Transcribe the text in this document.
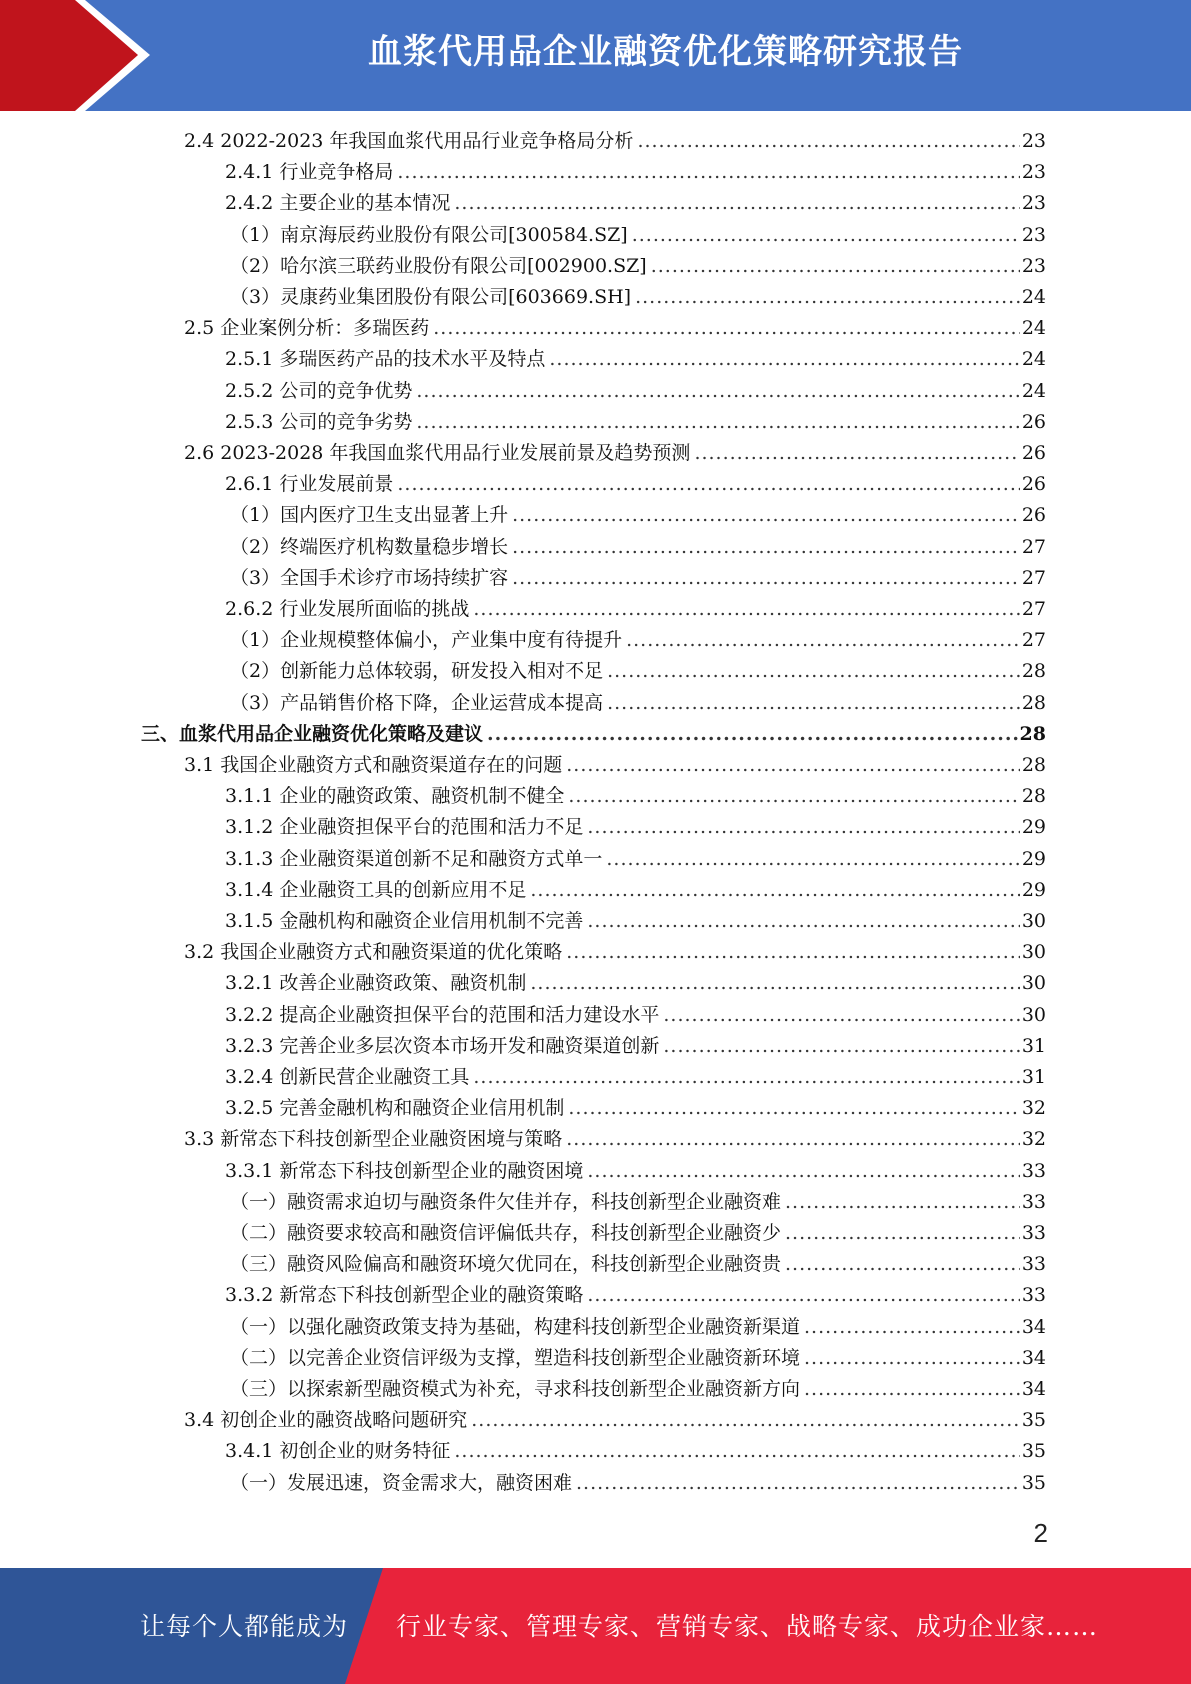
血浆代用品企业融资优化策略研究报告
2.4 2022-2023 年我国血浆代用品行业竞争格局分析 .....	23
2.4.1 行业竞争格局 .....	23
2.4.2 主要企业的基本情况 .....	23
（1）南京海辰药业股份有限公司[300584.SZ] .....	23
（2）哈尔滨三联药业股份有限公司[002900.SZ] .....	23
（3）灵康药业集团股份有限公司[603669.SH] .....	24
2.5 企业案例分析：多瑞医药 .....	24
2.5.1 多瑞医药产品的技术水平及特点 .....	24
2.5.2 公司的竞争优势 .....	24
2.5.3 公司的竞争劣势 .....	26
2.6 2023-2028 年我国血浆代用品行业发展前景及趋势预测 .....	26
2.6.1 行业发展前景 .....	26
（1）国内医疗卫生支出显著上升 .....	26
（2）终端医疗机构数量稳步增长 .....	27
（3）全国手术诊疗市场持续扩容 .....	27
2.6.2 行业发展所面临的挑战 .....	27
（1）企业规模整体偏小，产业集中度有待提升 .....	27
（2）创新能力总体较弱，研发投入相对不足 .....	28
（3）产品销售价格下降，企业运营成本提高 .....	28
三、血浆代用品企业融资优化策略及建议 .....	28
3.1 我国企业融资方式和融资渠道存在的问题 .....	28
3.1.1 企业的融资政策、融资机制不健全 .....	28
3.1.2 企业融资担保平台的范围和活力不足 .....	29
3.1.3 企业融资渠道创新不足和融资方式单一 .....	29
3.1.4 企业融资工具的创新应用不足 .....	29
3.1.5 金融机构和融资企业信用机制不完善 .....	30
3.2 我国企业融资方式和融资渠道的优化策略 .....	30
3.2.1 改善企业融资政策、融资机制 .....	30
3.2.2 提高企业融资担保平台的范围和活力建设水平 .....	30
3.2.3 完善企业多层次资本市场开发和融资渠道创新 .....	31
3.2.4 创新民营企业融资工具 .....	31
3.2.5 完善金融机构和融资企业信用机制 .....	32
3.3 新常态下科技创新型企业融资困境与策略 .....	32
3.3.1 新常态下科技创新型企业的融资困境 .....	33
（一）融资需求迫切与融资条件欠佳并存，科技创新型企业融资难 .....	33
（二）融资要求较高和融资信评偏低共存，科技创新型企业融资少 .....	33
（三）融资风险偏高和融资环境欠优同在，科技创新型企业融资贵 .....	33
3.3.2 新常态下科技创新型企业的融资策略 .....	33
（一）以强化融资政策支持为基础，构建科技创新型企业融资新渠道 .....	34
（二）以完善企业资信评级为支撑，塑造科技创新型企业融资新环境 .....	34
（三）以探索新型融资模式为补充，寻求科技创新型企业融资新方向 .....	34
3.4 初创企业的融资战略问题研究 .....	35
3.4.1 初创企业的财务特征 .....	35
（一）发展迅速，资金需求大，融资困难 .....	35
2
让每个人都能成为 行业专家、管理专家、营销专家、战略专家、成功企业家……
